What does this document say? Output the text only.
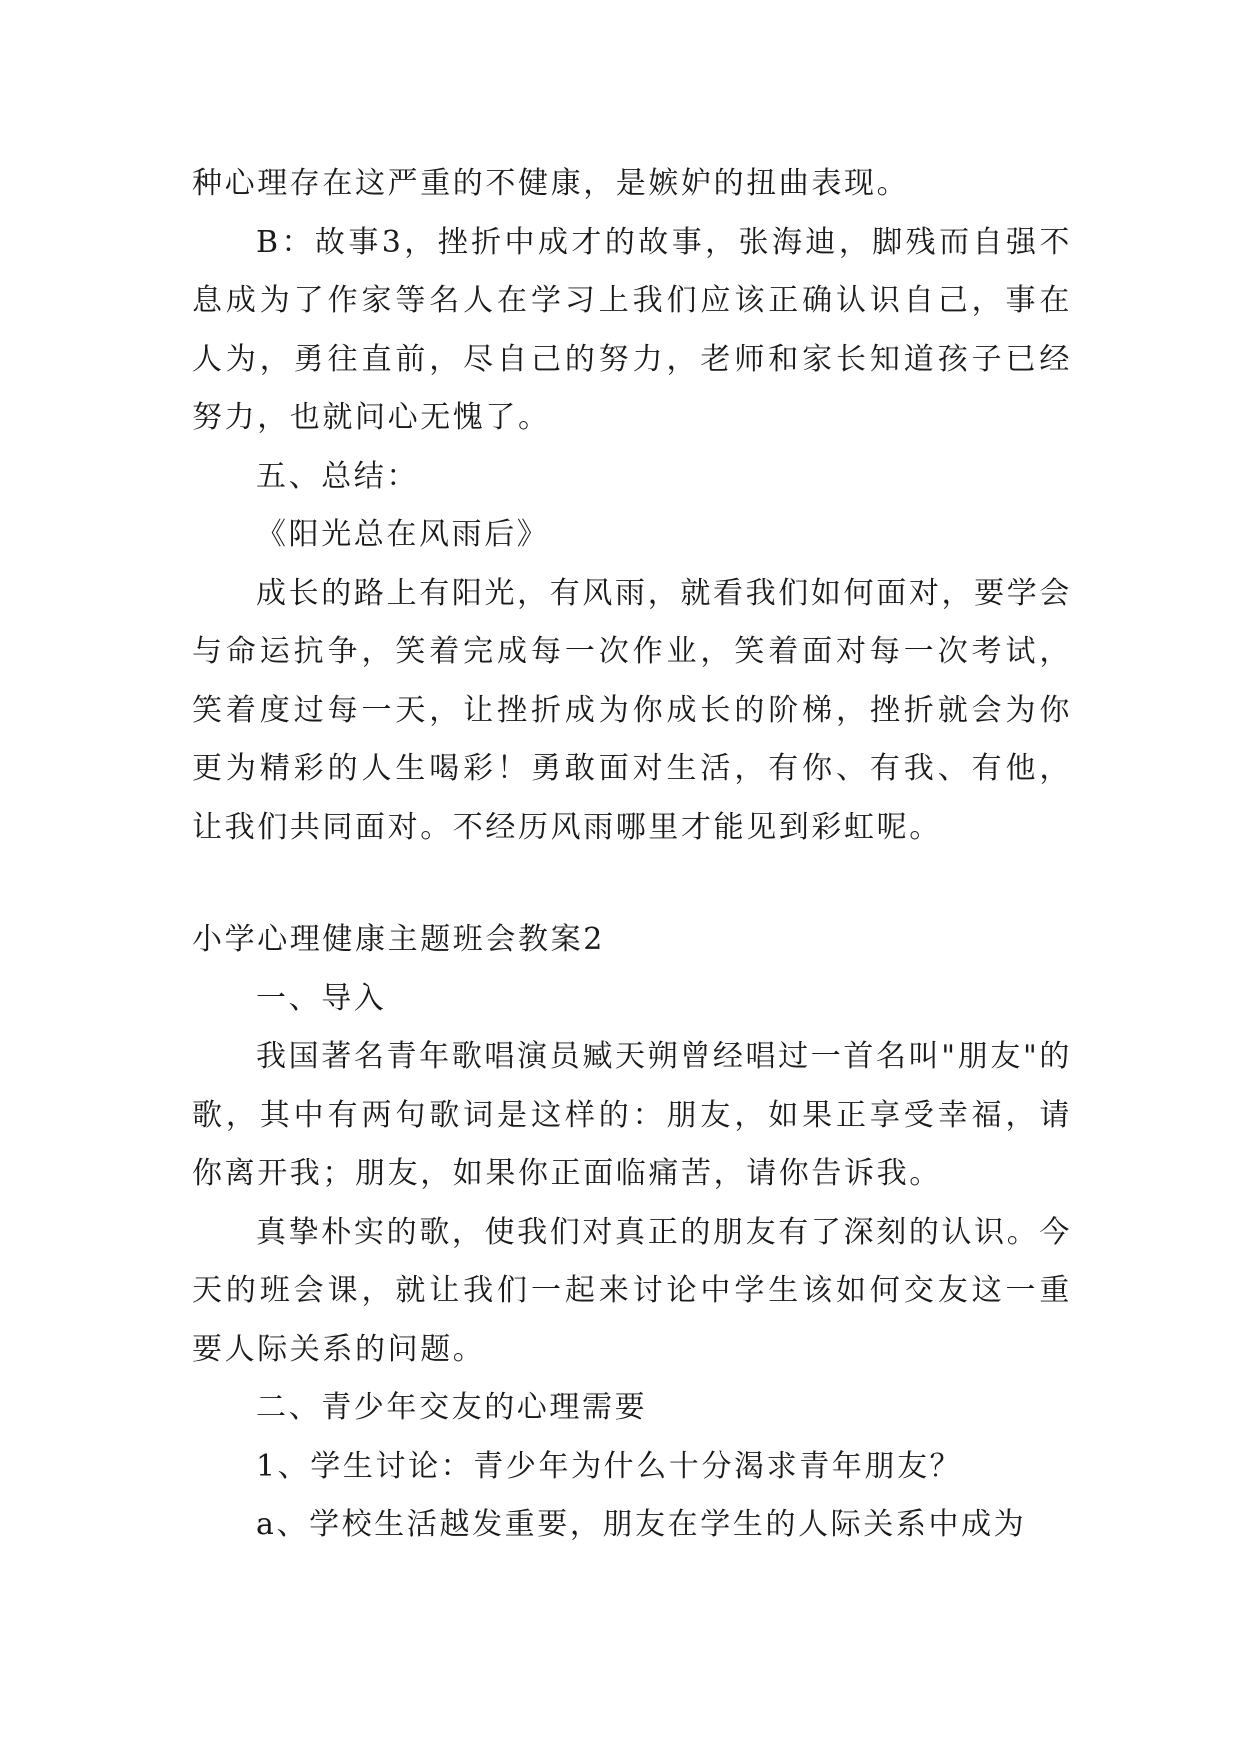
种心理存在这严重的不健康，是嫉妒的扭曲表现。

B：故事3，挫折中成才的故事，张海迪，脚残而自强不息成为了作家等名人在学习上我们应该正确认识自己，事在人为，勇往直前，尽自己的努力，老师和家长知道孩子已经努力，也就问心无愧了。

五、总结：

《阳光总在风雨后》

成长的路上有阳光，有风雨，就看我们如何面对，要学会与命运抗争，笑着完成每一次作业，笑着面对每一次考试，笑着度过每一天，让挫折成为你成长的阶梯，挫折就会为你更为精彩的人生喝彩！勇敢面对生活，有你、有我、有他，让我们共同面对。不经历风雨哪里才能见到彩虹呢。

小学心理健康主题班会教案2

一、导入

我国著名青年歌唱演员臧天朔曾经唱过一首名叫"朋友"的歌，其中有两句歌词是这样的：朋友，如果正享受幸福，请你离开我；朋友，如果你正面临痛苦，请你告诉我。

真挚朴实的歌，使我们对真正的朋友有了深刻的认识。今天的班会课，就让我们一起来讨论中学生该如何交友这一重要人际关系的问题。

二、青少年交友的心理需要

1、学生讨论：青少年为什么十分渴求青年朋友？

a、学校生活越发重要，朋友在学生的人际关系中成为
